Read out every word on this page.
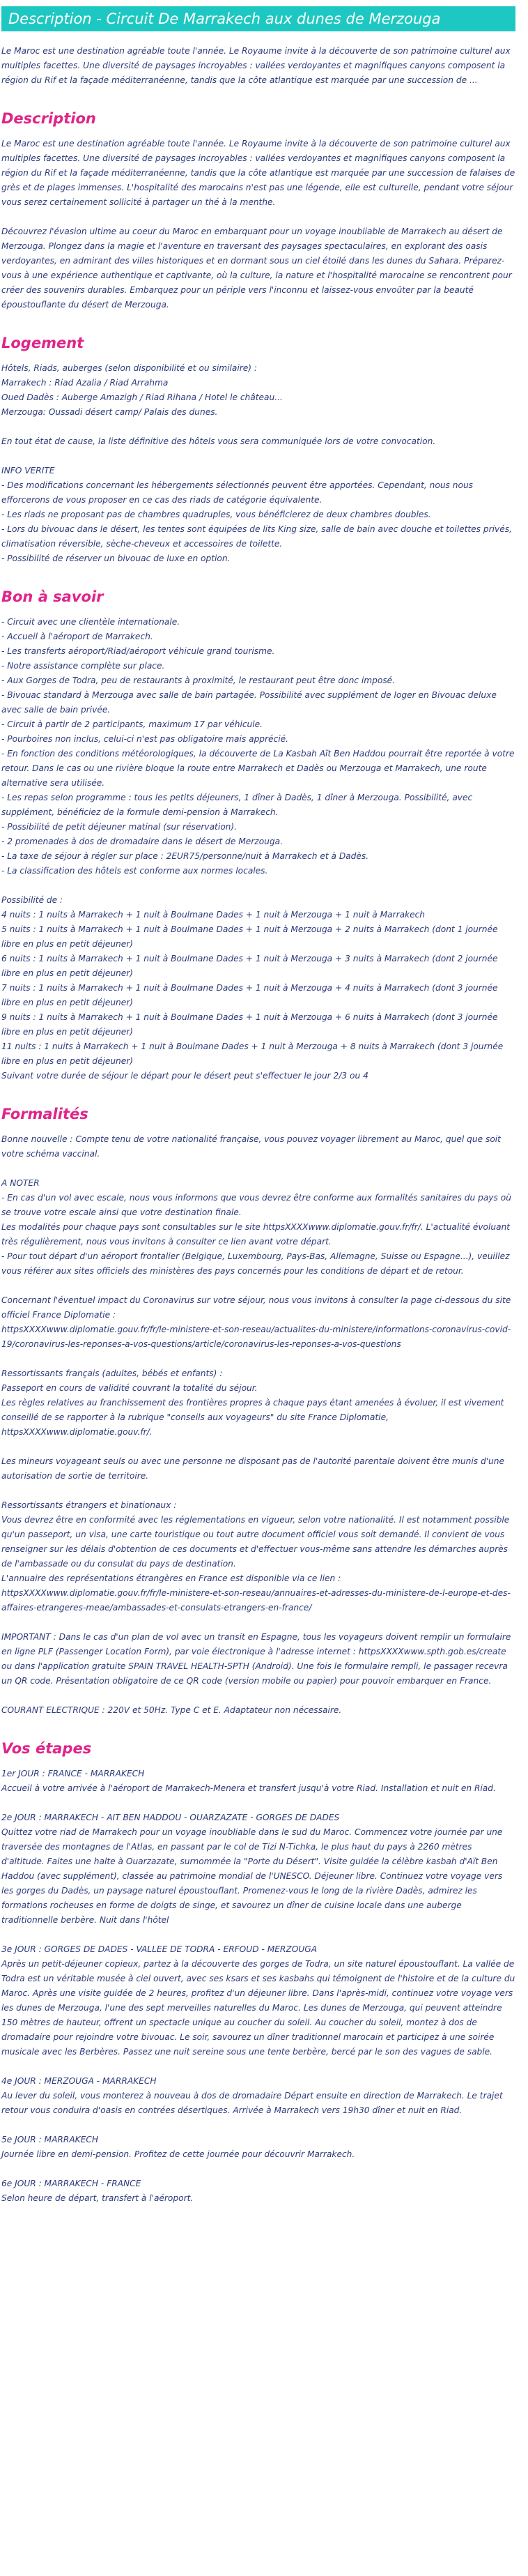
Description - Circuit De Marrakech aux dunes de Merzouga

Le Maroc est une destination agréable toute l'année. Le Royaume invite à la découverte de son patrimoine culturel aux multiples facettes. Une diversité de paysages incroyables : vallées verdoyantes et magnifiques canyons composent la région du Rif et la façade méditerranéenne, tandis que la côte atlantique est marquée par une succession de ...

Description

Le Maroc est une destination agréable toute l'année. Le Royaume invite à la découverte de son patrimoine culturel aux multiples facettes. Une diversité de paysages incroyables : vallées verdoyantes et magnifiques canyons composent la région du Rif et la façade méditerranéenne, tandis que la côte atlantique est marquée par une succession de falaises de grès et de plages immenses. L'hospitalité des marocains n'est pas une légende, elle est culturelle, pendant votre séjour vous serez certainement sollicité à partager un thé à la menthe.

Découvrez l'évasion ultime au coeur du Maroc en embarquant pour un voyage inoubliable de Marrakech au désert de Merzouga. Plongez dans la magie et l'aventure en traversant des paysages spectaculaires, en explorant des oasis verdoyantes, en admirant des villes historiques et en dormant sous un ciel étoilé dans les dunes du Sahara. Préparez-vous à une expérience authentique et captivante, où la culture, la nature et l'hospitalité marocaine se rencontrent pour créer des souvenirs durables. Embarquez pour un périple vers l'inconnu et laissez-vous envoûter par la beauté époustouflante du désert de Merzouga.

Logement
Hôtels, Riads, auberges (selon disponibilité et ou similaire) :
Marrakech : Riad Azalia / Riad Arrahma
Oued Dadès : Auberge Amazigh / Riad Rihana / Hotel le château...
Merzouga: Oussadi désert camp/ Palais des dunes.
En tout état de cause, la liste définitive des hôtels vous sera communiquée lors de votre convocation.
INFO VERITE
- Des modifications concernant les hébergements sélectionnés peuvent être apportées. Cependant, nous nous efforcerons de vous proposer en ce cas des riads de catégorie équivalente.
- Les riads ne proposant pas de chambres quadruples, vous bénéficierez de deux chambres doubles.
- Lors du bivouac dans le désert, les tentes sont équipées de lits King size, salle de bain avec douche et toilettes privés, climatisation réversible, sèche-cheveux et accessoires de toilette.
- Possibilité de réserver un bivouac de luxe en option.
Bon à savoir
- Circuit avec une clientèle internationale.
- Accueil à l'aéroport de Marrakech.
- Les transferts aéroport/Riad/aéroport véhicule grand tourisme.
- Notre assistance complète sur place.
- Aux Gorges de Todra, peu de restaurants à proximité, le restaurant peut être donc imposé.
- Bivouac standard à Merzouga avec salle de bain partagée. Possibilité avec supplément de loger en Bivouac deluxe avec salle de bain privée.
- Circuit à partir de 2 participants, maximum 17 par véhicule.
- Pourboires non inclus, celui-ci n'est pas obligatoire mais apprécié.
- En fonction des conditions météorologiques, la découverte de La Kasbah Aït Ben Haddou pourrait être reportée à votre retour. Dans le cas ou une rivière bloque la route entre Marrakech et Dadès ou Merzouga et Marrakech, une route alternative sera utilisée.
- Les repas selon programme : tous les petits déjeuners, 1 dîner à Dadès, 1 dîner à Merzouga. Possibilité, avec supplément, bénéficiez de la formule demi-pension à Marrakech.
- Possibilité de petit déjeuner matinal (sur réservation).
- 2 promenades à dos de dromadaire dans le désert de Merzouga.
- La taxe de séjour à régler sur place : 2EUR75/personne/nuit à Marrakech et à Dadès.
- La classification des hôtels est conforme aux normes locales.
Possibilité de :
4 nuits : 1 nuits à Marrakech + 1 nuit à Boulmane Dades + 1 nuit à Merzouga + 1 nuit à Marrakech
5 nuits : 1 nuits à Marrakech + 1 nuit à Boulmane Dades + 1 nuit à Merzouga + 2 nuits à Marrakech (dont 1 journée libre en plus en petit déjeuner)
6 nuits : 1 nuits à Marrakech + 1 nuit à Boulmane Dades + 1 nuit à Merzouga + 3 nuits à Marrakech (dont 2 journée libre en plus en petit déjeuner)
7 nuits : 1 nuits à Marrakech + 1 nuit à Boulmane Dades + 1 nuit à Merzouga + 4 nuits à Marrakech (dont 3 journée libre en plus en petit déjeuner)
9 nuits : 1 nuits à Marrakech + 1 nuit à Boulmane Dades + 1 nuit à Merzouga + 6 nuits à Marrakech (dont 3 journée libre en plus en petit déjeuner)
11 nuits : 1 nuits à Marrakech + 1 nuit à Boulmane Dades + 1 nuit à Merzouga + 8 nuits à Marrakech (dont 3 journée libre en plus en petit déjeuner)
Suivant votre durée de séjour le départ pour le désert peut s'effectuer le jour 2/3 ou 4
Formalités
Bonne nouvelle : Compte tenu de votre nationalité française, vous pouvez voyager librement au Maroc, quel que soit votre schéma vaccinal.
A NOTER
- En cas d'un vol avec escale, nous vous informons que vous devrez être conforme aux formalités sanitaires du pays où se trouve votre escale ainsi que votre destination finale.
Les modalités pour chaque pays sont consultables sur le site httpsXXXXwww.diplomatie.gouv.fr/fr/. L'actualité évoluant très régulièrement, nous vous invitons à consulter ce lien avant votre départ.
- Pour tout départ d'un aéroport frontalier (Belgique, Luxembourg, Pays-Bas, Allemagne, Suisse ou Espagne...), veuillez vous référer aux sites officiels des ministères des pays concernés pour les conditions de départ et de retour.
Concernant l'éventuel impact du Coronavirus sur votre séjour, nous vous invitons à consulter la page ci-dessous du site officiel France Diplomatie :
httpsXXXXwww.diplomatie.gouv.fr/fr/le-ministere-et-son-reseau/actualites-du-ministere/informations-coronavirus-covid-19/coronavirus-les-reponses-a-vos-questions/article/coronavirus-les-reponses-a-vos-questions
Ressortissants français (adultes, bébés et enfants) :
Passeport en cours de validité couvrant la totalité du séjour.
Les règles relatives au franchissement des frontières propres à chaque pays étant amenées à évoluer, il est vivement conseillé de se rapporter à la rubrique "conseils aux voyageurs" du site France Diplomatie, httpsXXXXwww.diplomatie.gouv.fr/.
Les mineurs voyageant seuls ou avec une personne ne disposant pas de l'autorité parentale doivent être munis d'une autorisation de sortie de territoire.
Ressortissants étrangers et binationaux :
Vous devrez être en conformité avec les réglementations en vigueur, selon votre nationalité. Il est notamment possible qu'un passeport, un visa, une carte touristique ou tout autre document officiel vous soit demandé. Il convient de vous renseigner sur les délais d'obtention de ces documents et d'effectuer vous-même sans attendre les démarches auprès de l'ambassade ou du consulat du pays de destination.
L'annuaire des représentations étrangères en France est disponible via ce lien :
httpsXXXXwww.diplomatie.gouv.fr/fr/le-ministere-et-son-reseau/annuaires-et-adresses-du-ministere-de-l-europe-et-des-affaires-etrangeres-meae/ambassades-et-consulats-etrangers-en-france/
IMPORTANT : Dans le cas d'un plan de vol avec un transit en Espagne, tous les voyageurs doivent remplir un formulaire en ligne PLF (Passenger Location Form), par voie électronique à l'adresse internet : httpsXXXXwww.spth.gob.es/create ou dans l'application gratuite SPAIN TRAVEL HEALTH-SPTH (Android). Une fois le formulaire rempli, le passager recevra un QR code. Présentation obligatoire de ce QR code (version mobile ou papier) pour pouvoir embarquer en France.
COURANT ELECTRIQUE : 220V et 50Hz. Type C et E. Adaptateur non nécessaire.
Vos étapes
1er JOUR : FRANCE - MARRAKECH
Accueil à votre arrivée à l'aéroport de Marrakech-Menera et transfert jusqu'à votre Riad. Installation et nuit en Riad.
2e JOUR : MARRAKECH - AIT BEN HADDOU - OUARZAZATE - GORGES DE DADES
Quittez votre riad de Marrakech pour un voyage inoubliable dans le sud du Maroc. Commencez votre journée par une traversée des montagnes de l'Atlas, en passant par le col de Tizi N-Tichka, le plus haut du pays à 2260 mètres d'altitude. Faites une halte à Ouarzazate, surnommée la "Porte du Désert". Visite guidée la célèbre kasbah d'Aït Ben Haddou (avec supplément), classée au patrimoine mondial de l'UNESCO. Déjeuner libre. Continuez votre voyage vers les gorges du Dadès, un paysage naturel époustouflant. Promenez-vous le long de la rivière Dadès, admirez les formations rocheuses en forme de doigts de singe, et savourez un dîner de cuisine locale dans une auberge traditionnelle berbère. Nuit dans l'hôtel
3e JOUR : GORGES DE DADES - VALLEE DE TODRA - ERFOUD - MERZOUGA
Après un petit-déjeuner copieux, partez à la découverte des gorges de Todra, un site naturel époustouflant. La vallée de Todra est un véritable musée à ciel ouvert, avec ses ksars et ses kasbahs qui témoignent de l'histoire et de la culture du Maroc. Après une visite guidée de 2 heures, profitez d'un déjeuner libre. Dans l'après-midi, continuez votre voyage vers les dunes de Merzouga, l'une des sept merveilles naturelles du Maroc. Les dunes de Merzouga, qui peuvent atteindre 150 mètres de hauteur, offrent un spectacle unique au coucher du soleil. Au coucher du soleil, montez à dos de dromadaire pour rejoindre votre bivouac. Le soir, savourez un dîner traditionnel marocain et participez à une soirée musicale avec les Berbères. Passez une nuit sereine sous une tente berbère, bercé par le son des vagues de sable.
4e JOUR : MERZOUGA - MARRAKECH
Au lever du soleil, vous monterez à nouveau à dos de dromadaire Départ ensuite en direction de Marrakech. Le trajet retour vous conduira d'oasis en contrées désertiques. Arrivée à Marrakech vers 19h30 dîner et nuit en Riad.
5e JOUR : MARRAKECH
Journée libre en demi-pension. Profitez de cette journée pour découvrir Marrakech.
6e JOUR : MARRAKECH - FRANCE
Selon heure de départ, transfert à l'aéroport.
